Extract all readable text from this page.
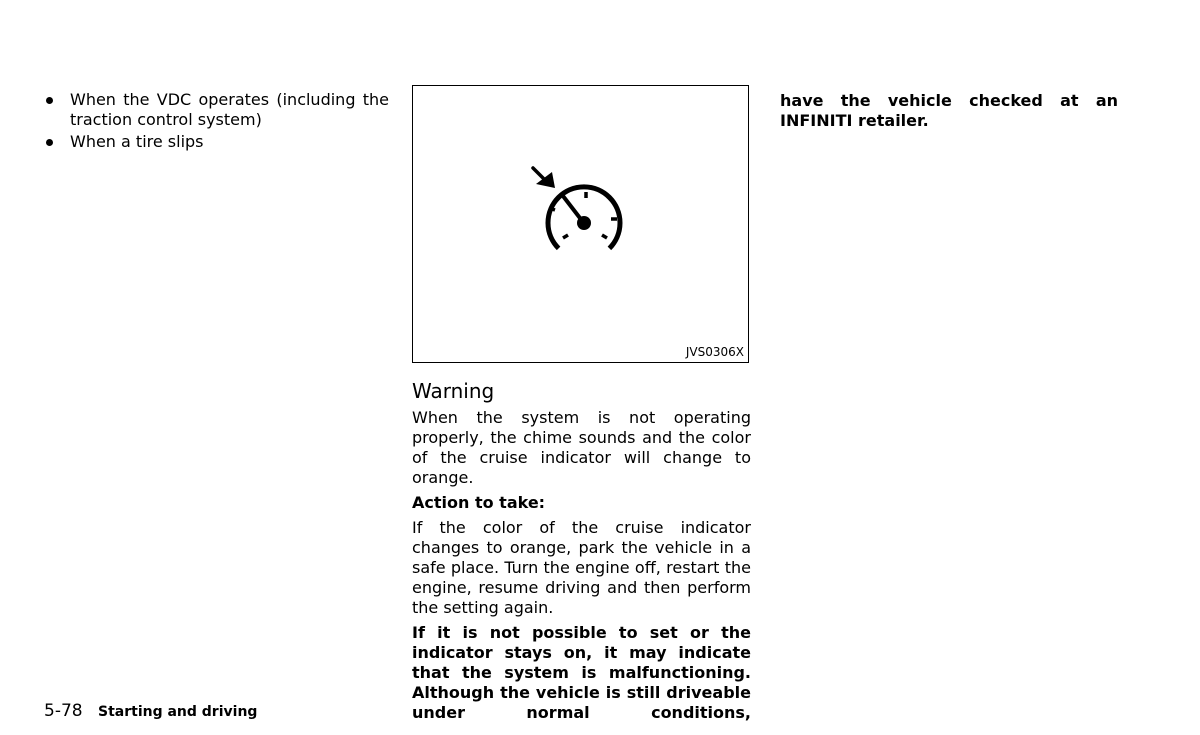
When the VDC operates (including the traction control system)
When a tire slips
JVS0306X
Warning

When the system is not operating properly, the chime sounds and the color of the cruise indicator will change to orange.

Action to take:

If the color of the cruise indicator changes to orange, park the vehicle in a safe place. Turn the engine off, restart the engine, resume driving and then perform the setting again.

If it is not possible to set or the indicator stays on, it may indicate that the system is malfunctioning. Although the vehicle is still driveable under normal conditions,

have the vehicle checked at an INFINITI retailer.
5-78 Starting and driving
